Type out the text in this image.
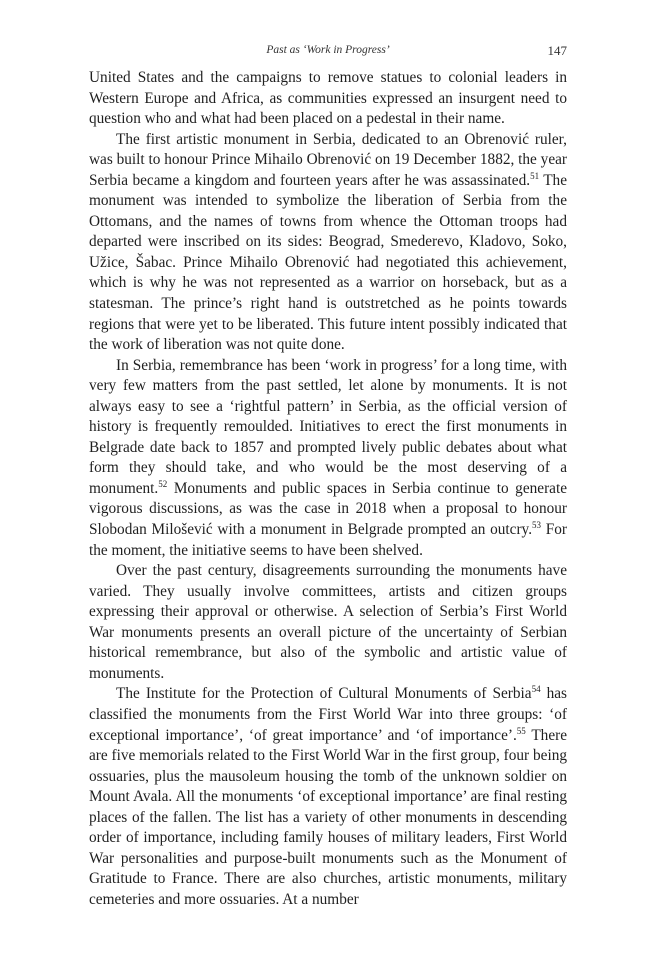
Past as ‘Work in Progress’	147

United States and the campaigns to remove statues to colonial leaders in Western Europe and Africa, as communities expressed an insurgent need to question who and what had been placed on a pedestal in their name.

The first artistic monument in Serbia, dedicated to an Obrenović ruler, was built to honour Prince Mihailo Obrenović on 19 December 1882, the year Serbia became a kingdom and fourteen years after he was assassinated.$^{51}$ The monument was intended to symbolize the liberation of Serbia from the Ottomans, and the names of towns from whence the Ottoman troops had departed were inscribed on its sides: Beograd, Smederevo, Kladovo, Soko, Užice, Šabac. Prince Mihailo Obrenović had negotiated this achievement, which is why he was not represented as a warrior on horseback, but as a statesman. The prince’s right hand is outstretched as he points towards regions that were yet to be liberated. This future intent possibly indicated that the work of liberation was not quite done.

In Serbia, remembrance has been ‘work in progress’ for a long time, with very few matters from the past settled, let alone by monuments. It is not always easy to see a ‘rightful pattern’ in Serbia, as the official version of history is frequently remoulded. Initiatives to erect the first monuments in Belgrade date back to 1857 and prompted lively public debates about what form they should take, and who would be the most deserving of a monument.$^{52}$ Monuments and public spaces in Serbia continue to generate vigorous discussions, as was the case in 2018 when a proposal to honour Slobodan Milošević with a monument in Belgrade prompted an outcry.$^{53}$ For the moment, the initiative seems to have been shelved.

Over the past century, disagreements surrounding the monuments have varied. They usually involve committees, artists and citizen groups expressing their approval or otherwise. A selection of Serbia’s First World War monuments presents an overall picture of the uncertainty of Serbian historical remembrance, but also of the symbolic and artistic value of monuments.

The Institute for the Protection of Cultural Monuments of Serbia$^{54}$ has classified the monuments from the First World War into three groups: ‘of exceptional importance’, ‘of great importance’ and ‘of importance’.$^{55}$ There are five memorials related to the First World War in the first group, four being ossuaries, plus the mausoleum housing the tomb of the unknown soldier on Mount Avala. All the monuments ‘of exceptional importance’ are final resting places of the fallen. The list has a variety of other monuments in descending order of importance, including family houses of military leaders, First World War personalities and purpose-built monuments such as the Monument of Gratitude to France. There are also churches, artistic monuments, military cemeteries and more ossuaries. At a number
